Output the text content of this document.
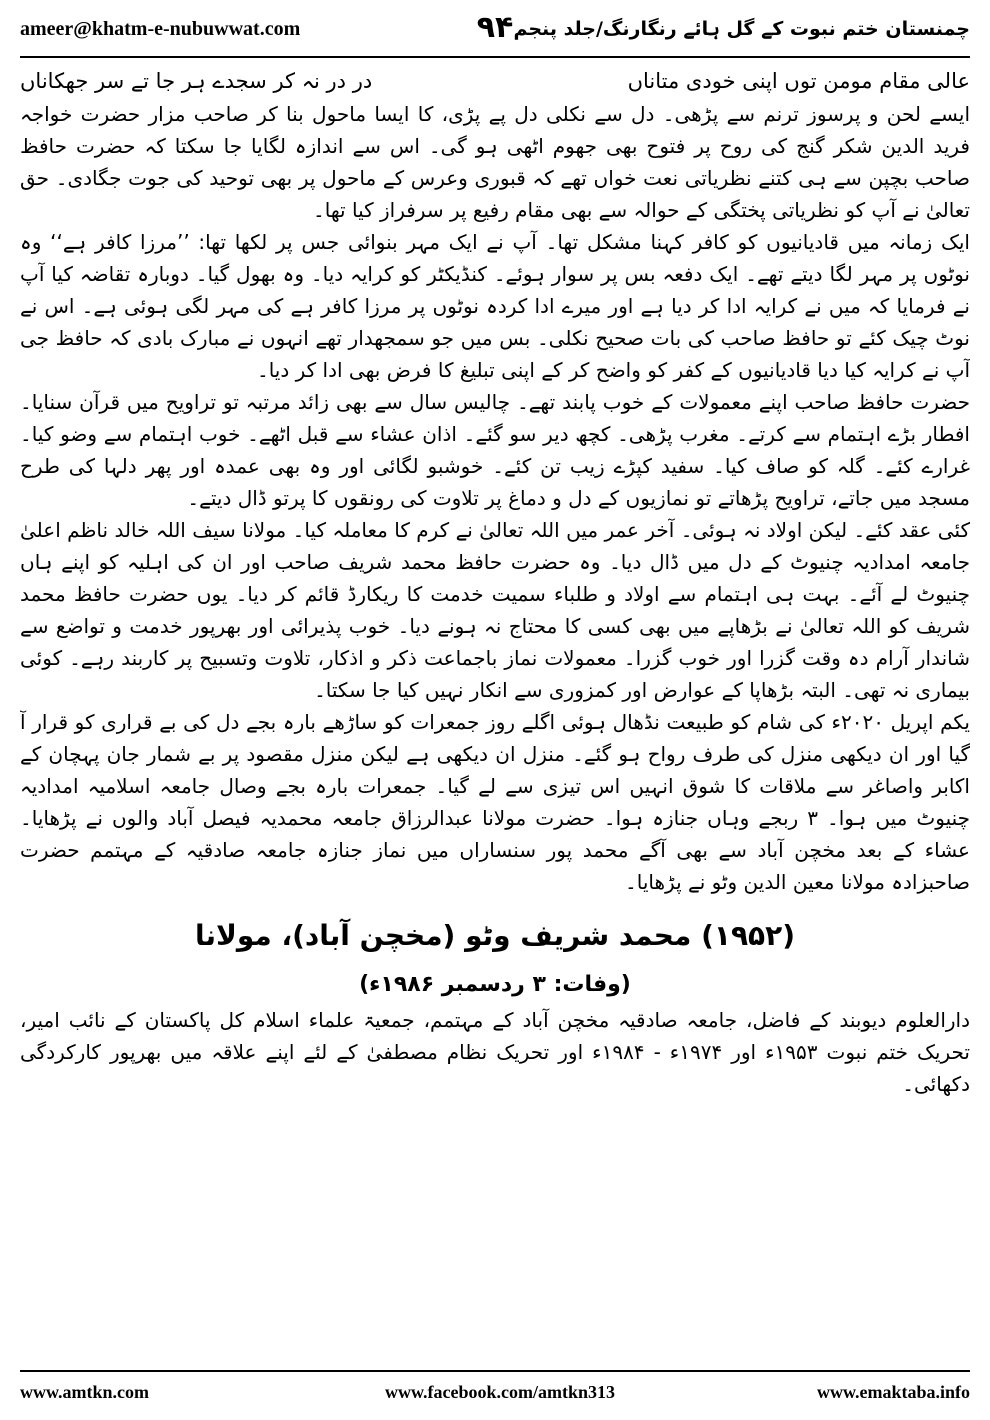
ameer@khatm-e-nubuwwat.com	۹۴ چمنستان ختم نبوت کے گل ہائے رنگارنگ/جلد پنجم
عالی مقام مومن توں اپنی خودی متاناں
در در نہ کر سجدے ہر جا تے سر جھکاناں

ایسے لحن و پرسوز ترنم سے پڑھی۔ دل سے نکلی دل پے پڑی، کا ایسا ماحول بنا کر صاحب مزار حضرت خواجہ فرید الدین شکر گنج کی روح پر فتوح بھی جھوم اٹھی ہو گی۔ اس سے اندازہ لگایا جا سکتا کہ حضرت حافظ صاحب بچپن سے ہی کتنے نظریاتی نعت خواں تھے کہ قبوری وعرس کے ماحول پر بھی توحید کی جوت جگادی۔ حق تعالیٰ نے آپ کو نظریاتی پختگی کے حوالہ سے بھی مقام رفیع پر سرفراز کیا تھا۔

ایک زمانہ میں قادیانیوں کو کافر کہنا مشکل تھا۔ آپ نے ایک مہر بنوائی جس پر لکھا تھا: ’’مرزا کافر ہے‘‘ وہ نوٹوں پر مہر لگا دیتے تھے۔ ایک دفعہ بس پر سوار ہوئے۔ کنڈیکٹر کو کرایہ دیا۔ وہ بھول گیا۔ دوبارہ تقاضہ کیا آپ نے فرمایا کہ میں نے کرایہ ادا کر دیا ہے اور میرے ادا کردہ نوٹوں پر مرزا کافر ہے کی مہر لگی ہوئی ہے۔ اس نے نوٹ چیک کئے تو حافظ صاحب کی بات صحیح نکلی۔ بس میں جو سمجھدار تھے انہوں نے مبارک بادی کہ حافظ جی آپ نے کرایہ کیا دیا قادیانیوں کے کفر کو واضح کر کے اپنی تبلیغ کا فرض بھی ادا کر دیا۔

حضرت حافظ صاحب اپنے معمولات کے خوب پابند تھے۔ چالیس سال سے بھی زائد مرتبہ تو تراویح میں قرآن سنایا۔ افطار بڑے اہتمام سے کرتے۔ مغرب پڑھی۔ کچھ دیر سو گئے۔ اذان عشاء سے قبل اٹھے۔ خوب اہتمام سے وضو کیا۔ غرارے کئے۔ گلہ کو صاف کیا۔ سفید کپڑے زیب تن کئے۔ خوشبو لگائی اور وہ بھی عمدہ اور پھر دلہا کی طرح مسجد میں جاتے، تراویح پڑھاتے تو نمازیوں کے دل و دماغ پر تلاوت کی رونقوں کا پرتو ڈال دیتے۔

کئی عقد کئے۔ لیکن اولاد نہ ہوئی۔ آخر عمر میں اللہ تعالیٰ نے کرم کا معاملہ کیا۔ مولانا سیف اللہ خالد ناظم اعلیٰ جامعہ امدادیہ چنیوٹ کے دل میں ڈال دیا۔ وہ حضرت حافظ محمد شریف صاحب اور ان کی اہلیہ کو اپنے ہاں چنیوٹ لے آئے۔ بہت ہی اہتمام سے اولاد و طلباء سمیت خدمت کا ریکارڈ قائم کر دیا۔ یوں حضرت حافظ محمد شریف کو اللہ تعالیٰ نے بڑھاپے میں بھی کسی کا محتاج نہ ہونے دیا۔ خوب پذیرائی اور بھرپور خدمت و تواضع سے شاندار آرام دہ وقت گزرا اور خوب گزرا۔ معمولات نماز باجماعت ذکر و اذکار، تلاوت وتسبیح پر کاربند رہے۔ کوئی بیماری نہ تھی۔ البتہ بڑھاپا کے عوارض اور کمزوری سے انکار نہیں کیا جا سکتا۔

یکم اپریل ۲۰۲۰ء کی شام کو طبیعت نڈھال ہوئی اگلے روز جمعرات کو ساڑھے بارہ بجے دل کی بے قراری کو قرار آ گیا اور ان دیکھی منزل کی طرف رواح ہو گئے۔ منزل ان دیکھی ہے لیکن منزل مقصود پر بے شمار جان پہچان کے اکابر واصاغر سے ملاقات کا شوق انہیں اس تیزی سے لے گیا۔ جمعرات بارہ بجے وصال جامعہ اسلامیہ امدادیہ چنیوٹ میں ہوا۔ ۳ ربجے وہاں جنازہ ہوا۔ حضرت مولانا عبدالرزاق جامعہ محمدیہ فیصل آباد والوں نے پڑھایا۔ عشاء کے بعد مخچن آباد سے بھی آگے محمد پور سنساراں میں نماز جنازہ جامعہ صادقیہ کے مہتمم حضرت صاحبزادہ مولانا معین الدین وٹو نے پڑھایا۔

(۱۹۵۲) محمد شریف وٹو (مخچن آباد)، مولانا

(وفات: ۳ ردسمبر ۱۹۸۶ء)

دارالعلوم دیوبند کے فاضل، جامعہ صادقیہ مخچن آباد کے مہتمم، جمعیۃ علماء اسلام کل پاکستان کے نائب امیر، تحریک ختم نبوت ۱۹۵۳ء اور ۱۹۷۴ء - ۱۹۸۴ء اور تحریک نظام مصطفیٰ کے لئے اپنے علاقہ میں بھرپور کارکردگی دکھائی۔

www.amtkn.com	www.facebook.com/amtkn313	www.emaktaba.info
